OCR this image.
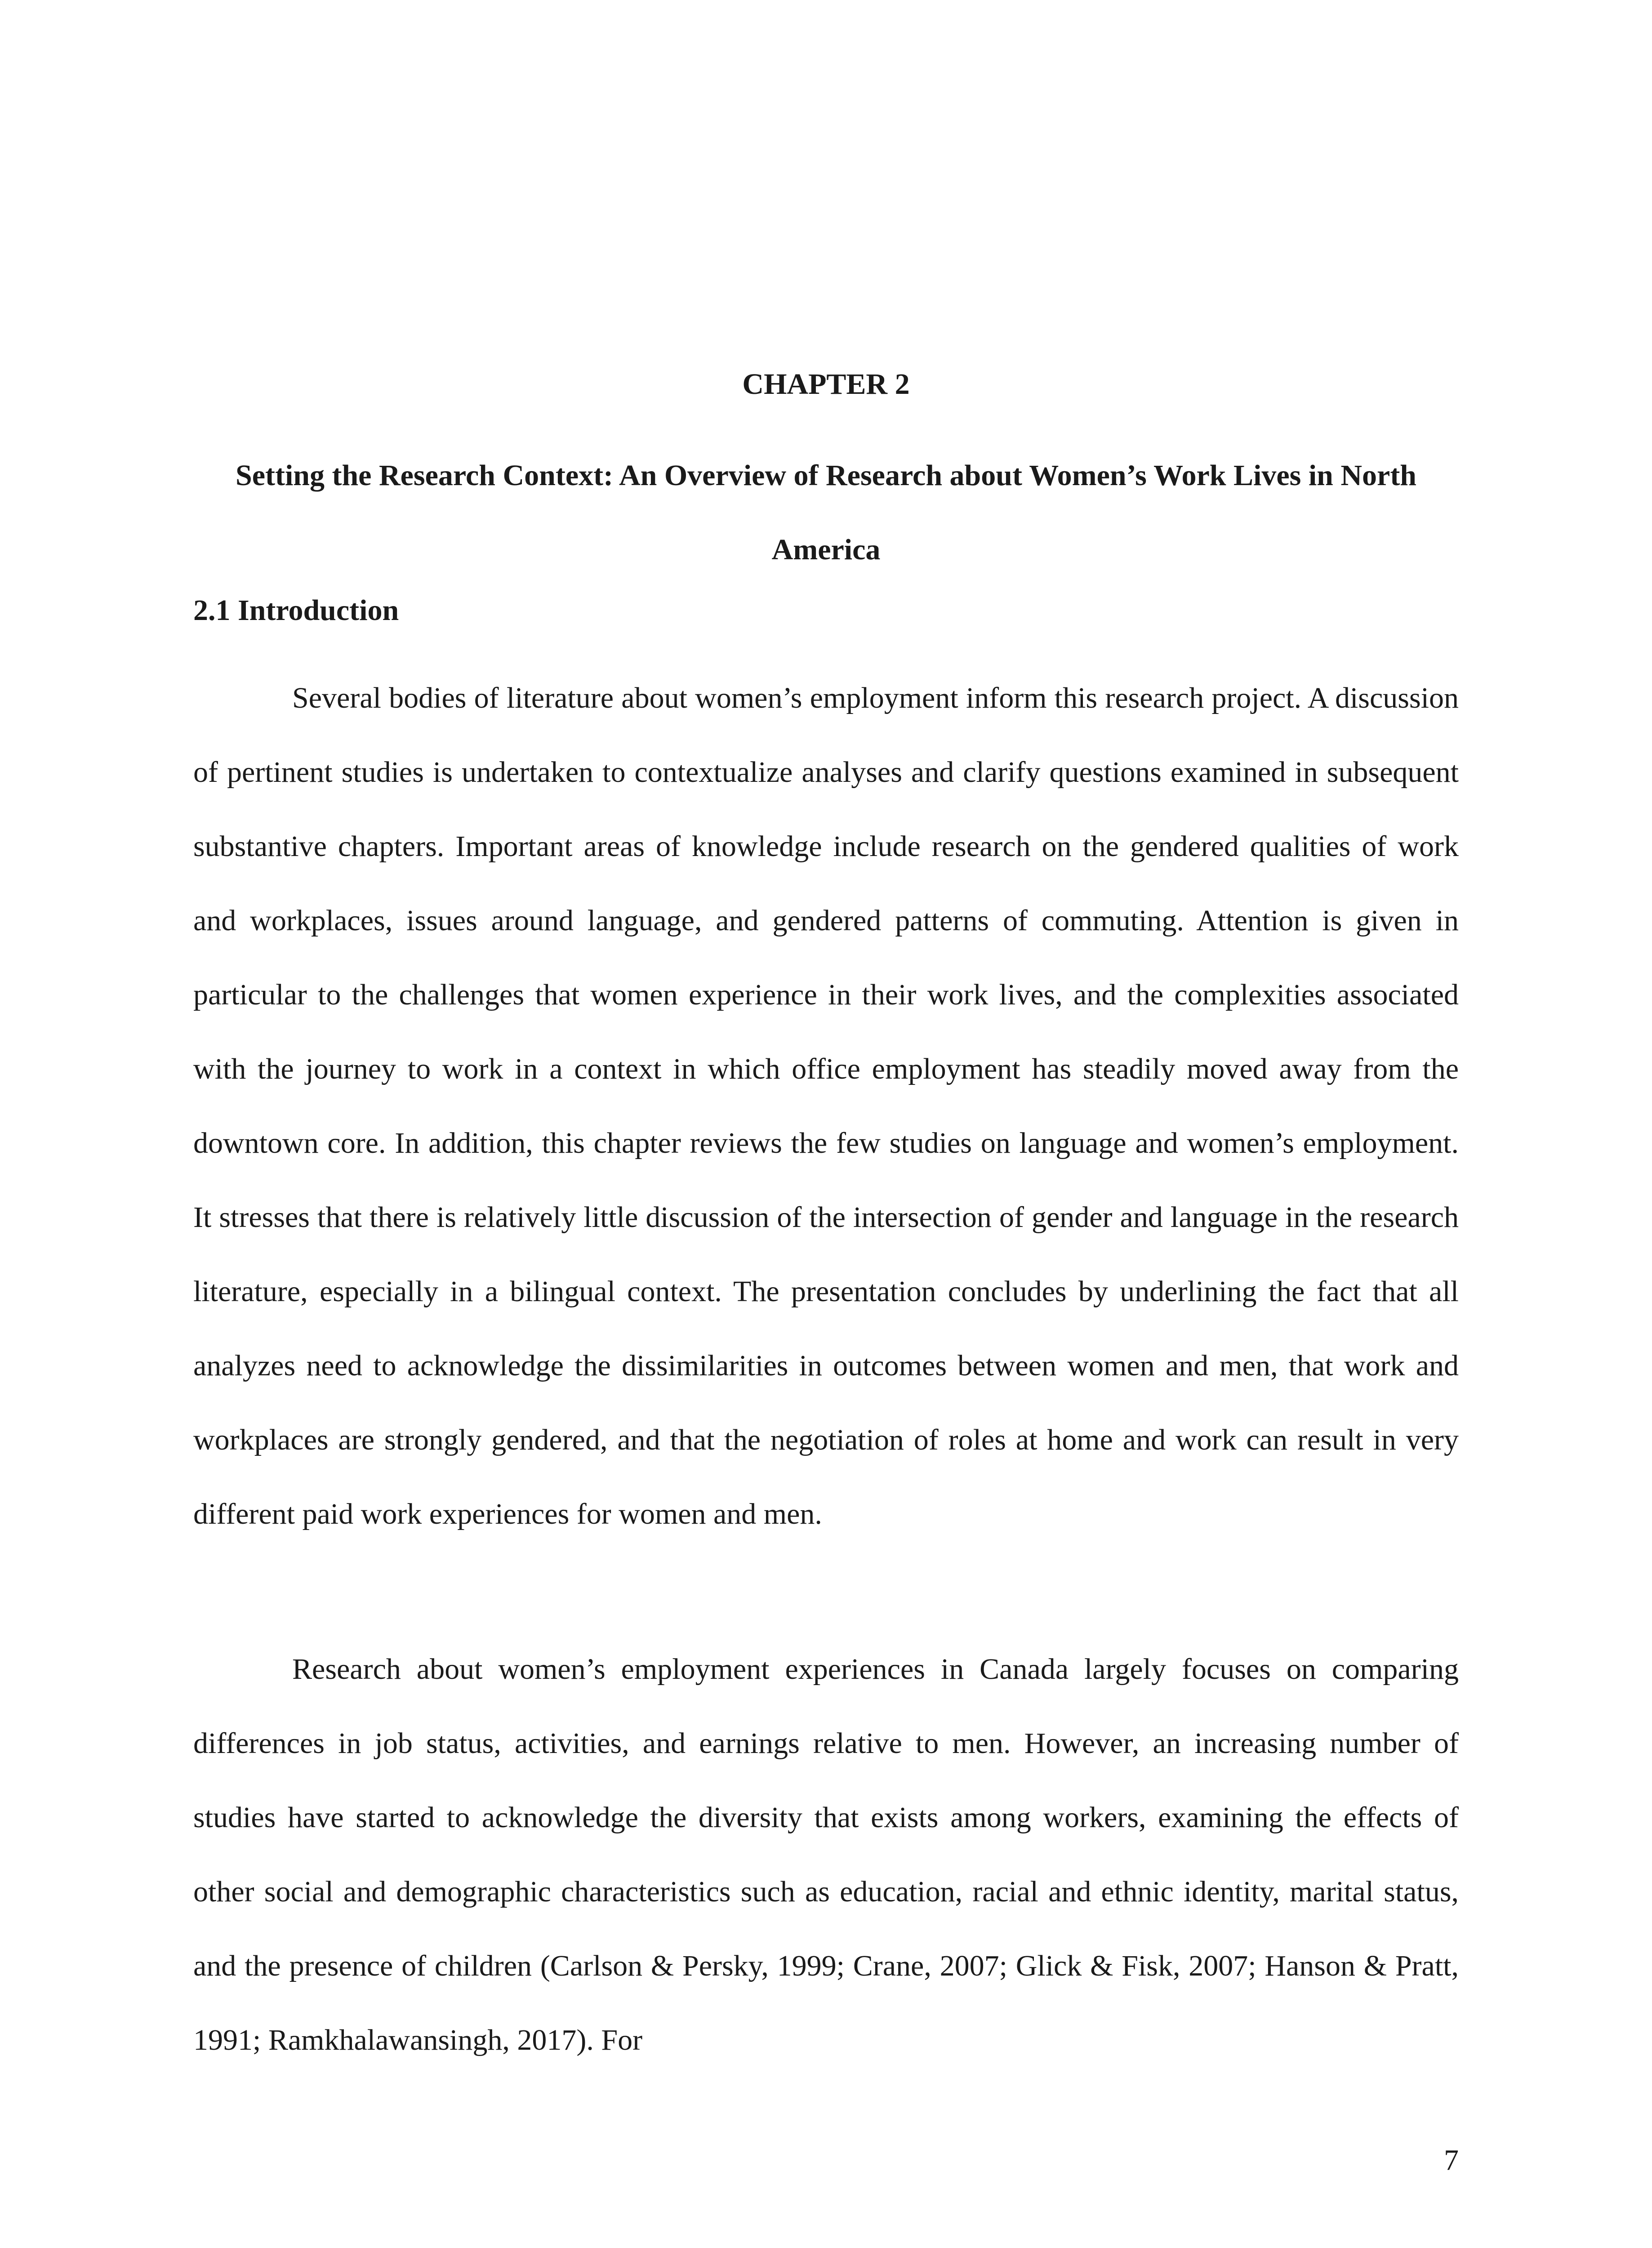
CHAPTER 2
Setting the Research Context: An Overview of Research about Women’s Work Lives in North America
2.1 Introduction

Several bodies of literature about women’s employment inform this research project. A discussion of pertinent studies is undertaken to contextualize analyses and clarify questions examined in subsequent substantive chapters. Important areas of knowledge include research on the gendered qualities of work and workplaces, issues around language, and gendered patterns of commuting. Attention is given in particular to the challenges that women experience in their work lives, and the complexities associated with the journey to work in a context in which office employment has steadily moved away from the downtown core. In addition, this chapter reviews the few studies on language and women’s employment. It stresses that there is relatively little discussion of the intersection of gender and language in the research literature, especially in a bilingual context. The presentation concludes by underlining the fact that all analyzes need to acknowledge the dissimilarities in outcomes between women and men, that work and workplaces are strongly gendered, and that the negotiation of roles at home and work can result in very different paid work experiences for women and men.

Research about women’s employment experiences in Canada largely focuses on comparing differences in job status, activities, and earnings relative to men. However, an increasing number of studies have started to acknowledge the diversity that exists among workers, examining the effects of other social and demographic characteristics such as education, racial and ethnic identity, marital status, and the presence of children (Carlson & Persky, 1999; Crane, 2007; Glick & Fisk, 2007; Hanson & Pratt, 1991; Ramkhalawansingh, 2017). For

7
